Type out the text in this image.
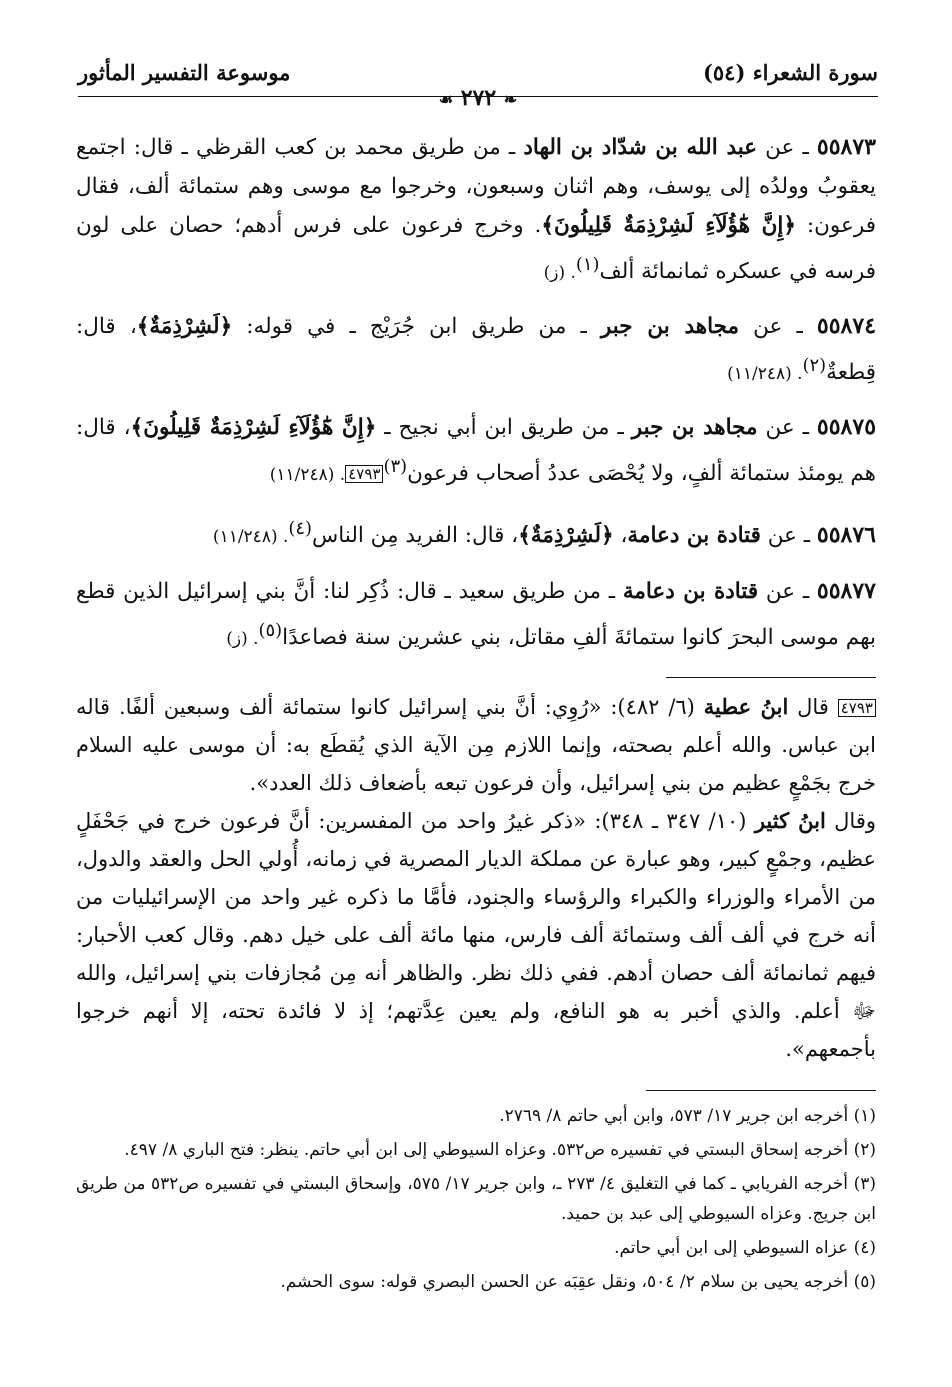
سورة الشعراء (٥٤)
موسوعة التفسير المأثور
❧ ٢٧٢ ☙

٥٥٨٧٣ ـ عن عبد الله بن شدّاد بن الهاد ـ من طريق محمد بن كعب القرظي ـ قال: اجتمع يعقوبُ وولدُه إلى يوسف، وهم اثنان وسبعون، وخرجوا مع موسى وهم ستمائة ألف، فقال فرعون: ﴿إِنَّ هَٰٓؤُلَآءِ لَشِرْذِمَةٌ قَلِيلُونَ﴾. وخرج فرعون على فرس أدهم؛ حصان على لون فرسه في عسكره ثمانمائة ألف$^{(١)}$. (ز)

٥٥٨٧٤ ـ عن مجاهد بن جبر ـ من طريق ابن جُرَيْج ـ في قوله: ﴿لَشِرْذِمَةٌ﴾، قال: قِطعةٌ$^{(٢)}$. (١١/٢٤٨)

٥٥٨٧٥ ـ عن مجاهد بن جبر ـ من طريق ابن أبي نجيح ـ ﴿إِنَّ هَٰٓؤُلَآءِ لَشِرْذِمَةٌ قَلِيلُونَ﴾، قال: هم يومئذ ستمائة ألفٍ، ولا يُحْصَى عددُ أصحاب فرعون$^{(٣)}$٤٧٩٣. (١١/٢٤٨)

٥٥٨٧٦ ـ عن قتادة بن دعامة، ﴿لَشِرْذِمَةٌ﴾، قال: الفريد مِن الناس$^{(٤)}$. (١١/٢٤٨)

٥٥٨٧٧ ـ عن قتادة بن دعامة ـ من طريق سعيد ـ قال: ذُكِر لنا: أنَّ بني إسرائيل الذين قطع بهم موسى البحرَ كانوا ستمائةَ ألفِ مقاتل، بني عشرين سنة فصاعدًا$^{(٥)}$. (ز)

٤٧٩٣ قال ابنُ عطية (٦/ ٤٨٢): «رُوِي: أنَّ بني إسرائيل كانوا ستمائة ألف وسبعين ألفًا. قاله ابن عباس. والله أعلم بصحته، وإنما اللازم مِن الآية الذي يُقطَع به: أن موسى عليه السلام خرج بجَمْعٍ عظيم من بني إسرائيل، وأن فرعون تبعه بأضعاف ذلك العدد».

وقال ابنُ كثير (١٠/ ٣٤٧ ـ ٣٤٨): «ذكر غيرُ واحد من المفسرين: أنَّ فرعون خرج في جَحْفَلٍ عظيم، وجمْعٍ كبير، وهو عبارة عن مملكة الديار المصرية في زمانه، أُولي الحل والعقد والدول، من الأمراء والوزراء والكبراء والرؤساء والجنود، فأمَّا ما ذكره غير واحد من الإسرائيليات من أنه خرج في ألف ألف وستمائة ألف فارس، منها مائة ألف على خيل دهم. وقال كعب الأحبار: فيهم ثمانمائة ألف حصان أدهم. ففي ذلك نظر. والظاهر أنه مِن مُجازفات بني إسرائيل، والله ﷻ أعلم. والذي أخبر به هو النافع، ولم يعين عِدَّتهم؛ إذ لا فائدة تحته، إلا أنهم خرجوا بأجمعهم».

(١) أخرجه ابن جرير ١٧/ ٥٧٣، وابن أبي حاتم ٨/ ٢٧٦٩.

(٢) أخرجه إسحاق البستي في تفسيره ص٥٣٢. وعزاه السيوطي إلى ابن أبي حاتم. ينظر: فتح الباري ٨/ ٤٩٧.

(٣) أخرجه الفريابي ـ كما في التغليق ٤/ ٢٧٣ ـ، وابن جرير ١٧/ ٥٧٥، وإسحاق البستي في تفسيره ص٥٣٢ من طريق ابن جريج. وعزاه السيوطي إلى عبد بن حميد.

(٤) عزاه السيوطي إلى ابن أبي حاتم.

(٥) أخرجه يحيى بن سلام ٢/ ٥٠٤، ونقل عقِبَه عن الحسن البصري قوله: سوى الحشم.
